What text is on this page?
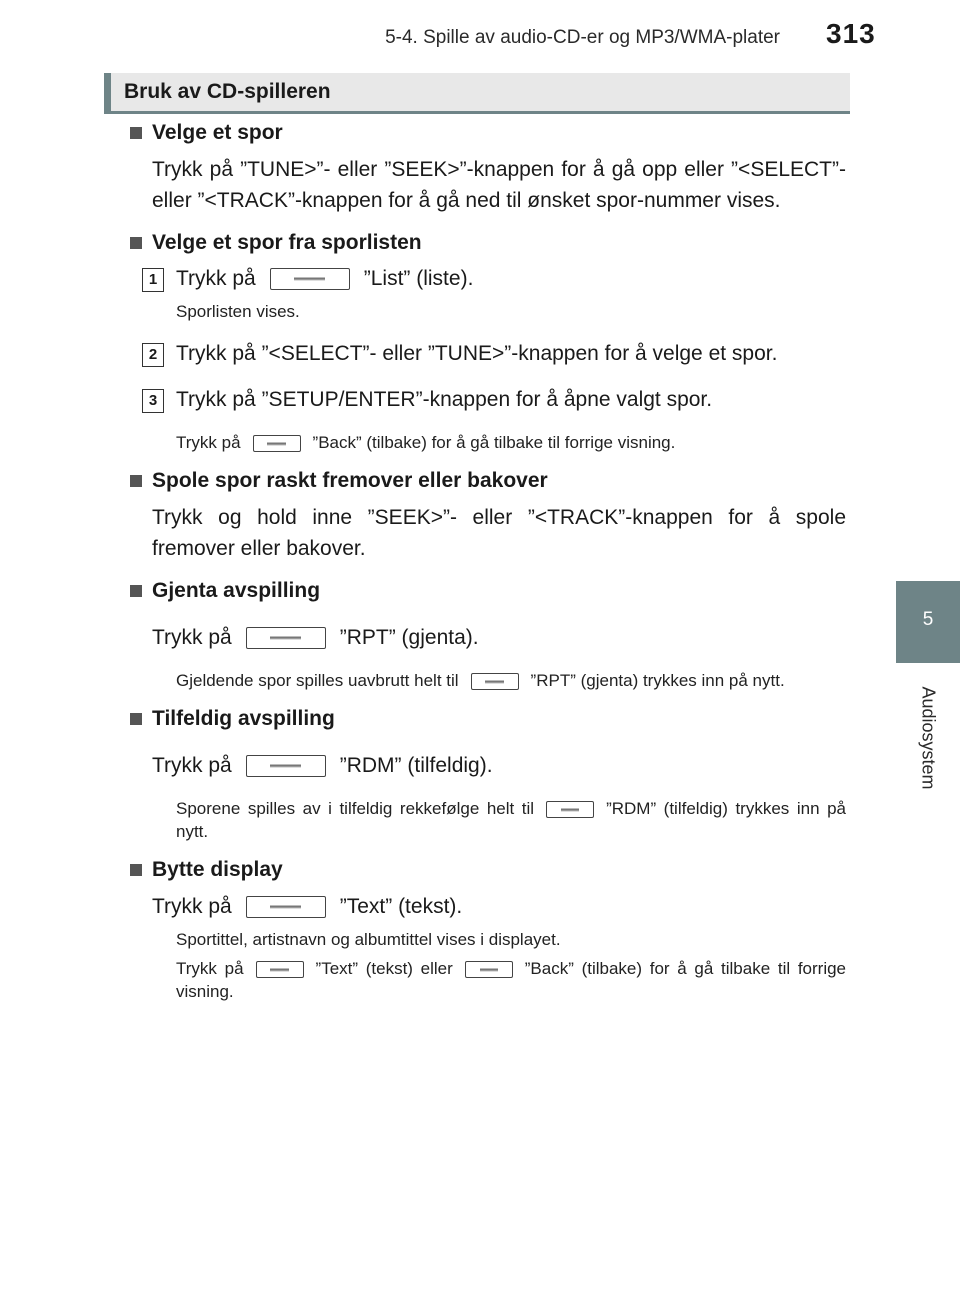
5-4. Spille av audio-CD-er og MP3/WMA-plater 313
5
Audiosystem
Bruk av CD-spilleren

Velge et spor

Trykk på ”TUNE>”- eller ”SEEK>”-knappen for å gå opp eller ”<SELECT”- eller ”<TRACK”-knappen for å gå ned til ønsket spor-nummer vises.

Velge et spor fra sporlisten

1 Trykk på	”List” (liste).

Sporlisten vises.

2 Trykk på ”<SELECT”- eller ”TUNE>”-knappen for å velge et spor.

3 Trykk på ”SETUP/ENTER”-knappen for å åpne valgt spor.

Trykk på	”Back” (tilbake) for å gå tilbake til forrige visning.

Spole spor raskt fremover eller bakover

Trykk og hold inne ”SEEK>”- eller ”<TRACK”-knappen for å spole fremover eller bakover.

Gjenta avspilling

Trykk på	”RPT” (gjenta).

Gjeldende spor spilles uavbrutt helt til	”RPT” (gjenta) trykkes inn på nytt.

Tilfeldig avspilling

Trykk på	”RDM” (tilfeldig).

Sporene spilles av i tilfeldig rekkefølge helt til	”RDM” (tilfeldig) trykkes inn på nytt.

Bytte display

Trykk på	”Text” (tekst).

Sportittel, artistnavn og albumtittel vises i displayet.

Trykk på	”Text” (tekst) eller	”Back” (tilbake) for å gå tilbake til forrige visning.
